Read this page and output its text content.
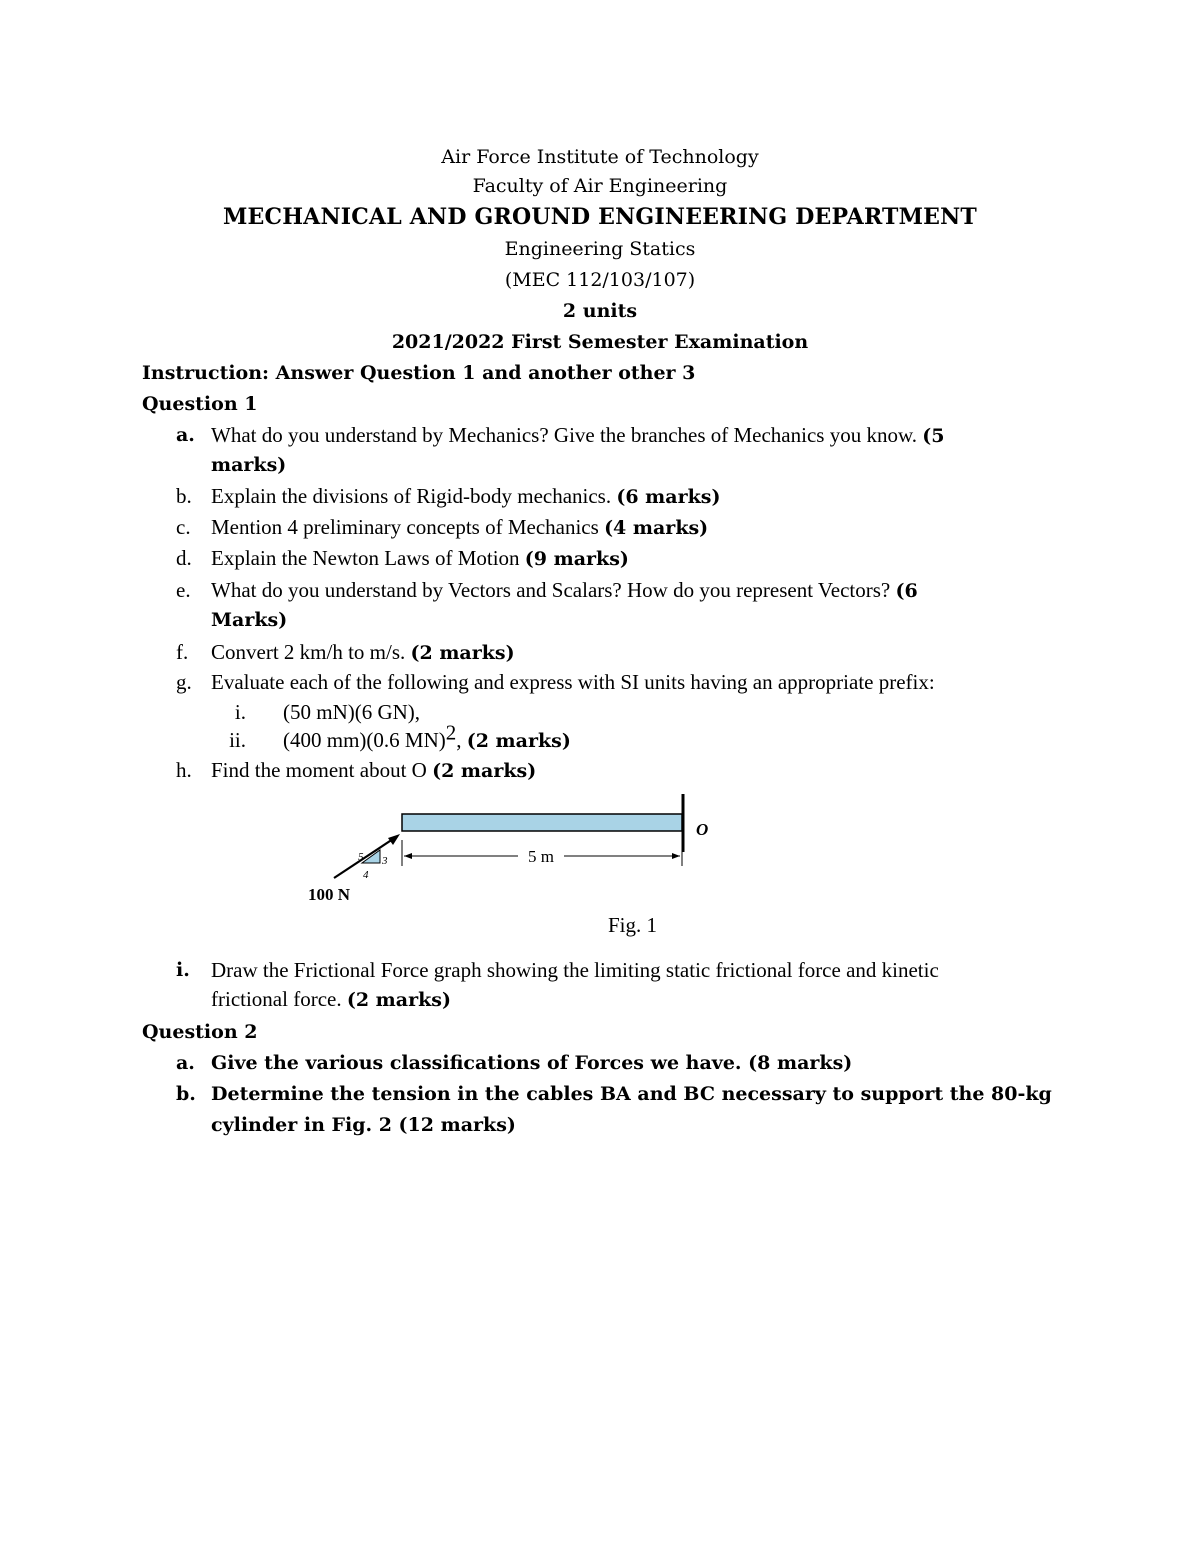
Air Force Institute of Technology
Faculty of Air Engineering
MECHANICAL AND GROUND ENGINEERING DEPARTMENT
Engineering Statics
(MEC 112/103/107)
2 units
2021/2022 First Semester Examination
Instruction: Answer Question 1 and another other 3
Question 1
a. What do you understand by Mechanics? Give the branches of Mechanics you know. (5
marks)
b. Explain the divisions of Rigid-body mechanics. (6 marks)
c. Mention 4 preliminary concepts of Mechanics (4 marks)
d. Explain the Newton Laws of Motion (9 marks)
e. What do you understand by Vectors and Scalars? How do you represent Vectors? (6
Marks)
f.	Convert 2 km/h to m/s. (2 marks)
g. Evaluate each of the following and express with SI units having an appropriate prefix:
i. (50 mN)(6 GN),
ii. (400 mm)(0.6 MN)$^2$, (2 marks)
h. Find the moment about O (2 marks)
5 m
O
100 N
5 3
4
Fig. 1
i.	Draw the Frictional Force graph showing the limiting static frictional force and kinetic
frictional force. (2 marks)
Question 2
a. Give the various classifications of Forces we have. (8 marks)
b. Determine the tension in the cables BA and BC necessary to support the 80-kg
cylinder in Fig. 2 (12 marks)
